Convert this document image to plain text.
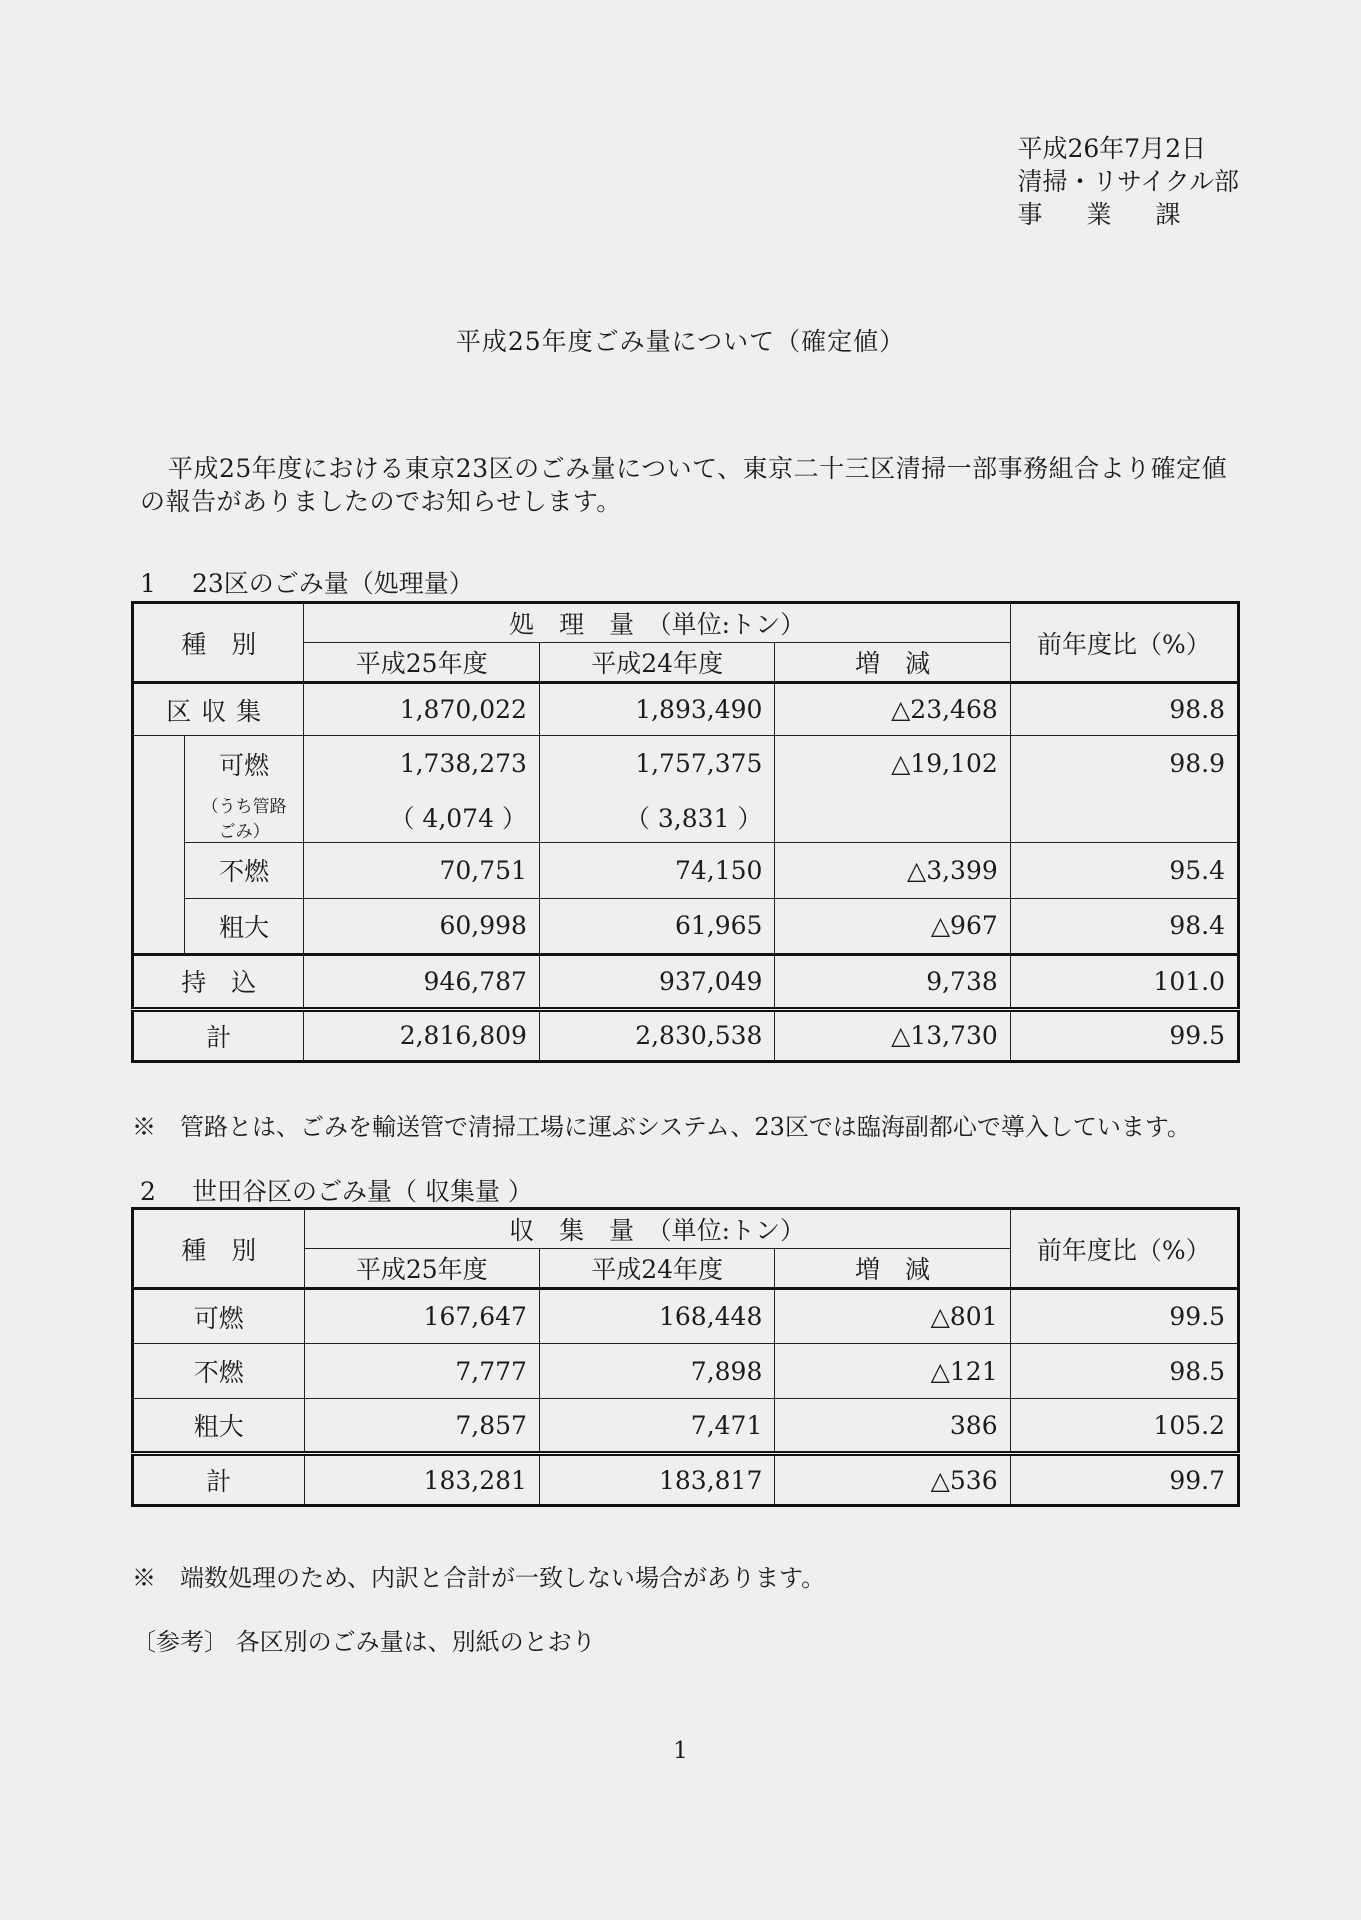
平成26年7月2日
清掃・リサイクル部
事業課
平成25年度ごみ量について（確定値）
平成25年度における東京23区のごみ量について、東京二十三区清掃一部事務組合より確定値の報告がありましたのでお知らせします。
1 23区のごみ量（処理量）
種　別		処　理　量　（単位:トン）			前年度比（%）
		平成25年度	平成24年度	増　減	
区収集		1,870,022	1,893,490	△23,468	98.8
	可燃	1,738,273	1,757,375	△19,102	98.9
	（うち管路ごみ）	（ 4,074 ）	（ 3,831 ）		
	不燃	70,751	74,150	△3,399	95.4
	粗大	60,998	61,965	△967	98.4
持　込		946,787	937,049	9,738	101.0
計		2,816,809	2,830,538	△13,730	99.5
※　管路とは、ごみを輸送管で清掃工場に運ぶシステム、23区では臨海副都心で導入しています。
2 世田谷区のごみ量（ 収集量 ）
種　別	収　集　量　（単位:トン）			前年度比（%）
	平成25年度	平成24年度	増　減	
可燃	167,647	168,448	△801	99.5
不燃	7,777	7,898	△121	98.5
粗大	7,857	7,471	386	105.2
計	183,281	183,817	△536	99.7
※　端数処理のため、内訳と合計が一致しない場合があります。
〔参考〕 各区別のごみ量は、別紙のとおり
1
